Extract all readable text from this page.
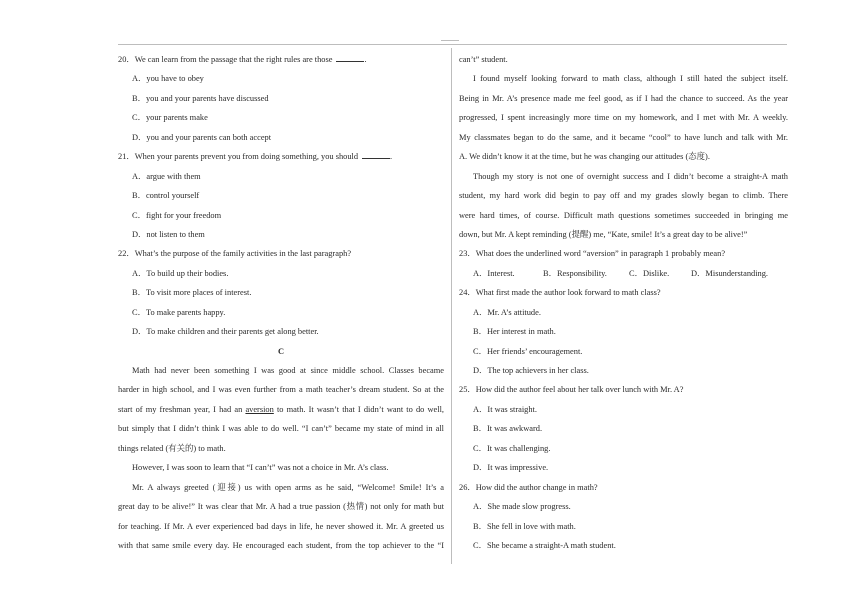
20．We can learn from the passage that the right rules are those	.
A．you have to obey
B．you and your parents have discussed
C．your parents make
D．you and your parents can both accept
21．When your parents prevent you from doing something, you should	.
A．argue with them
B．control yourself
C．fight for your freedom
D．not listen to them
22．What’s the purpose of the family activities in the last paragraph?
A．To build up their bodies.
B．To visit more places of interest.
C．To make parents happy.
D．To make children and their parents get along better.
C
Math had never been something I was good at since middle school. Classes became
harder in high school, and I was even further from a math teacher’s dream student. So at the
start of my freshman year, I had an aversion to math. It wasn’t that I didn’t want to do well,
but simply that I didn’t think I was able to do well. “I can’t” became my state of mind in all
things related (有关的) to math.
However, I was soon to learn that “I can’t” was not a choice in Mr. A’s class.
Mr. A always greeted (迎接) us with open arms as he said, “Welcome! Smile! It’s a
great day to be alive!” It was clear that Mr. A had a true passion (热情) not only for math but
for teaching. If Mr. A ever experienced bad days in life, he never showed it. Mr. A greeted us
with that same smile every day. He encouraged each student, from the top achiever to the “I
can’t” student.
I found myself looking forward to math class, although I still hated the subject itself.
Being in Mr. A’s presence made me feel good, as if I had the chance to succeed. As the year
progressed, I spent increasingly more time on my homework, and I met with Mr. A weekly.
My classmates began to do the same, and it became “cool” to have lunch and talk with Mr.
A. We didn’t know it at the time, but he was changing our attitudes (态度).
Though my story is not one of overnight success and I didn’t become a straight-A math
student, my hard work did begin to pay off and my grades slowly began to climb. There
were hard times, of course. Difficult math questions sometimes succeeded in bringing me
down, but Mr. A kept reminding (提醒) me, “Kate, smile! It’s a great day to be alive!”
23．What does the underlined word “aversion” in paragraph 1 probably mean?
A．Interest.	B．Responsibility.	C．Dislike.	D．Misunderstanding.
24．What first made the author look forward to math class?
A．Mr. A’s attitude.
B．Her interest in math.
C．Her friends’ encouragement.
D．The top achievers in her class.
25．How did the author feel about her talk over lunch with Mr. A?
A．It was straight.
B．It was awkward.
C．It was challenging.
D．It was impressive.
26．How did the author change in math?
A．She made slow progress.
B．She fell in love with math.
C．She became a straight-A math student.
